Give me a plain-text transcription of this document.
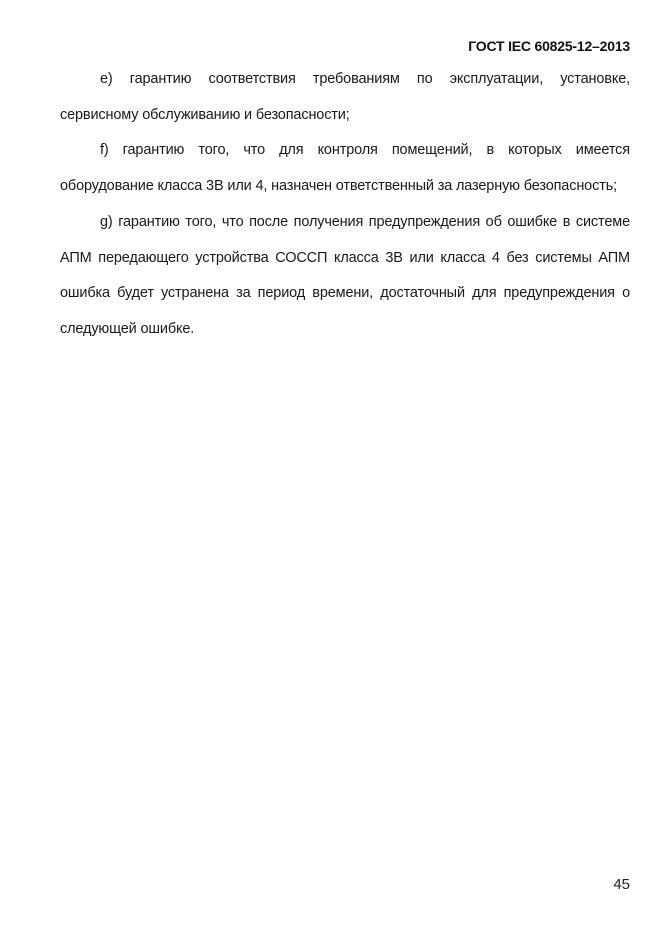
ГОСТ IEC 60825-12–2013

e) гарантию соответствия требованиям по эксплуатации, установке, сервисному обслуживанию и безопасности;

f) гарантию того, что для контроля помещений, в которых имеется оборудование класса 3B или 4, назначен ответственный за лазерную безопасность;

g) гарантию того, что после получения предупреждения об ошибке в системе АПМ передающего устройства СОССП класса 3B или класса 4 без системы АПМ ошибка будет устранена за период времени, достаточный для предупреждения о следующей ошибке.

45
